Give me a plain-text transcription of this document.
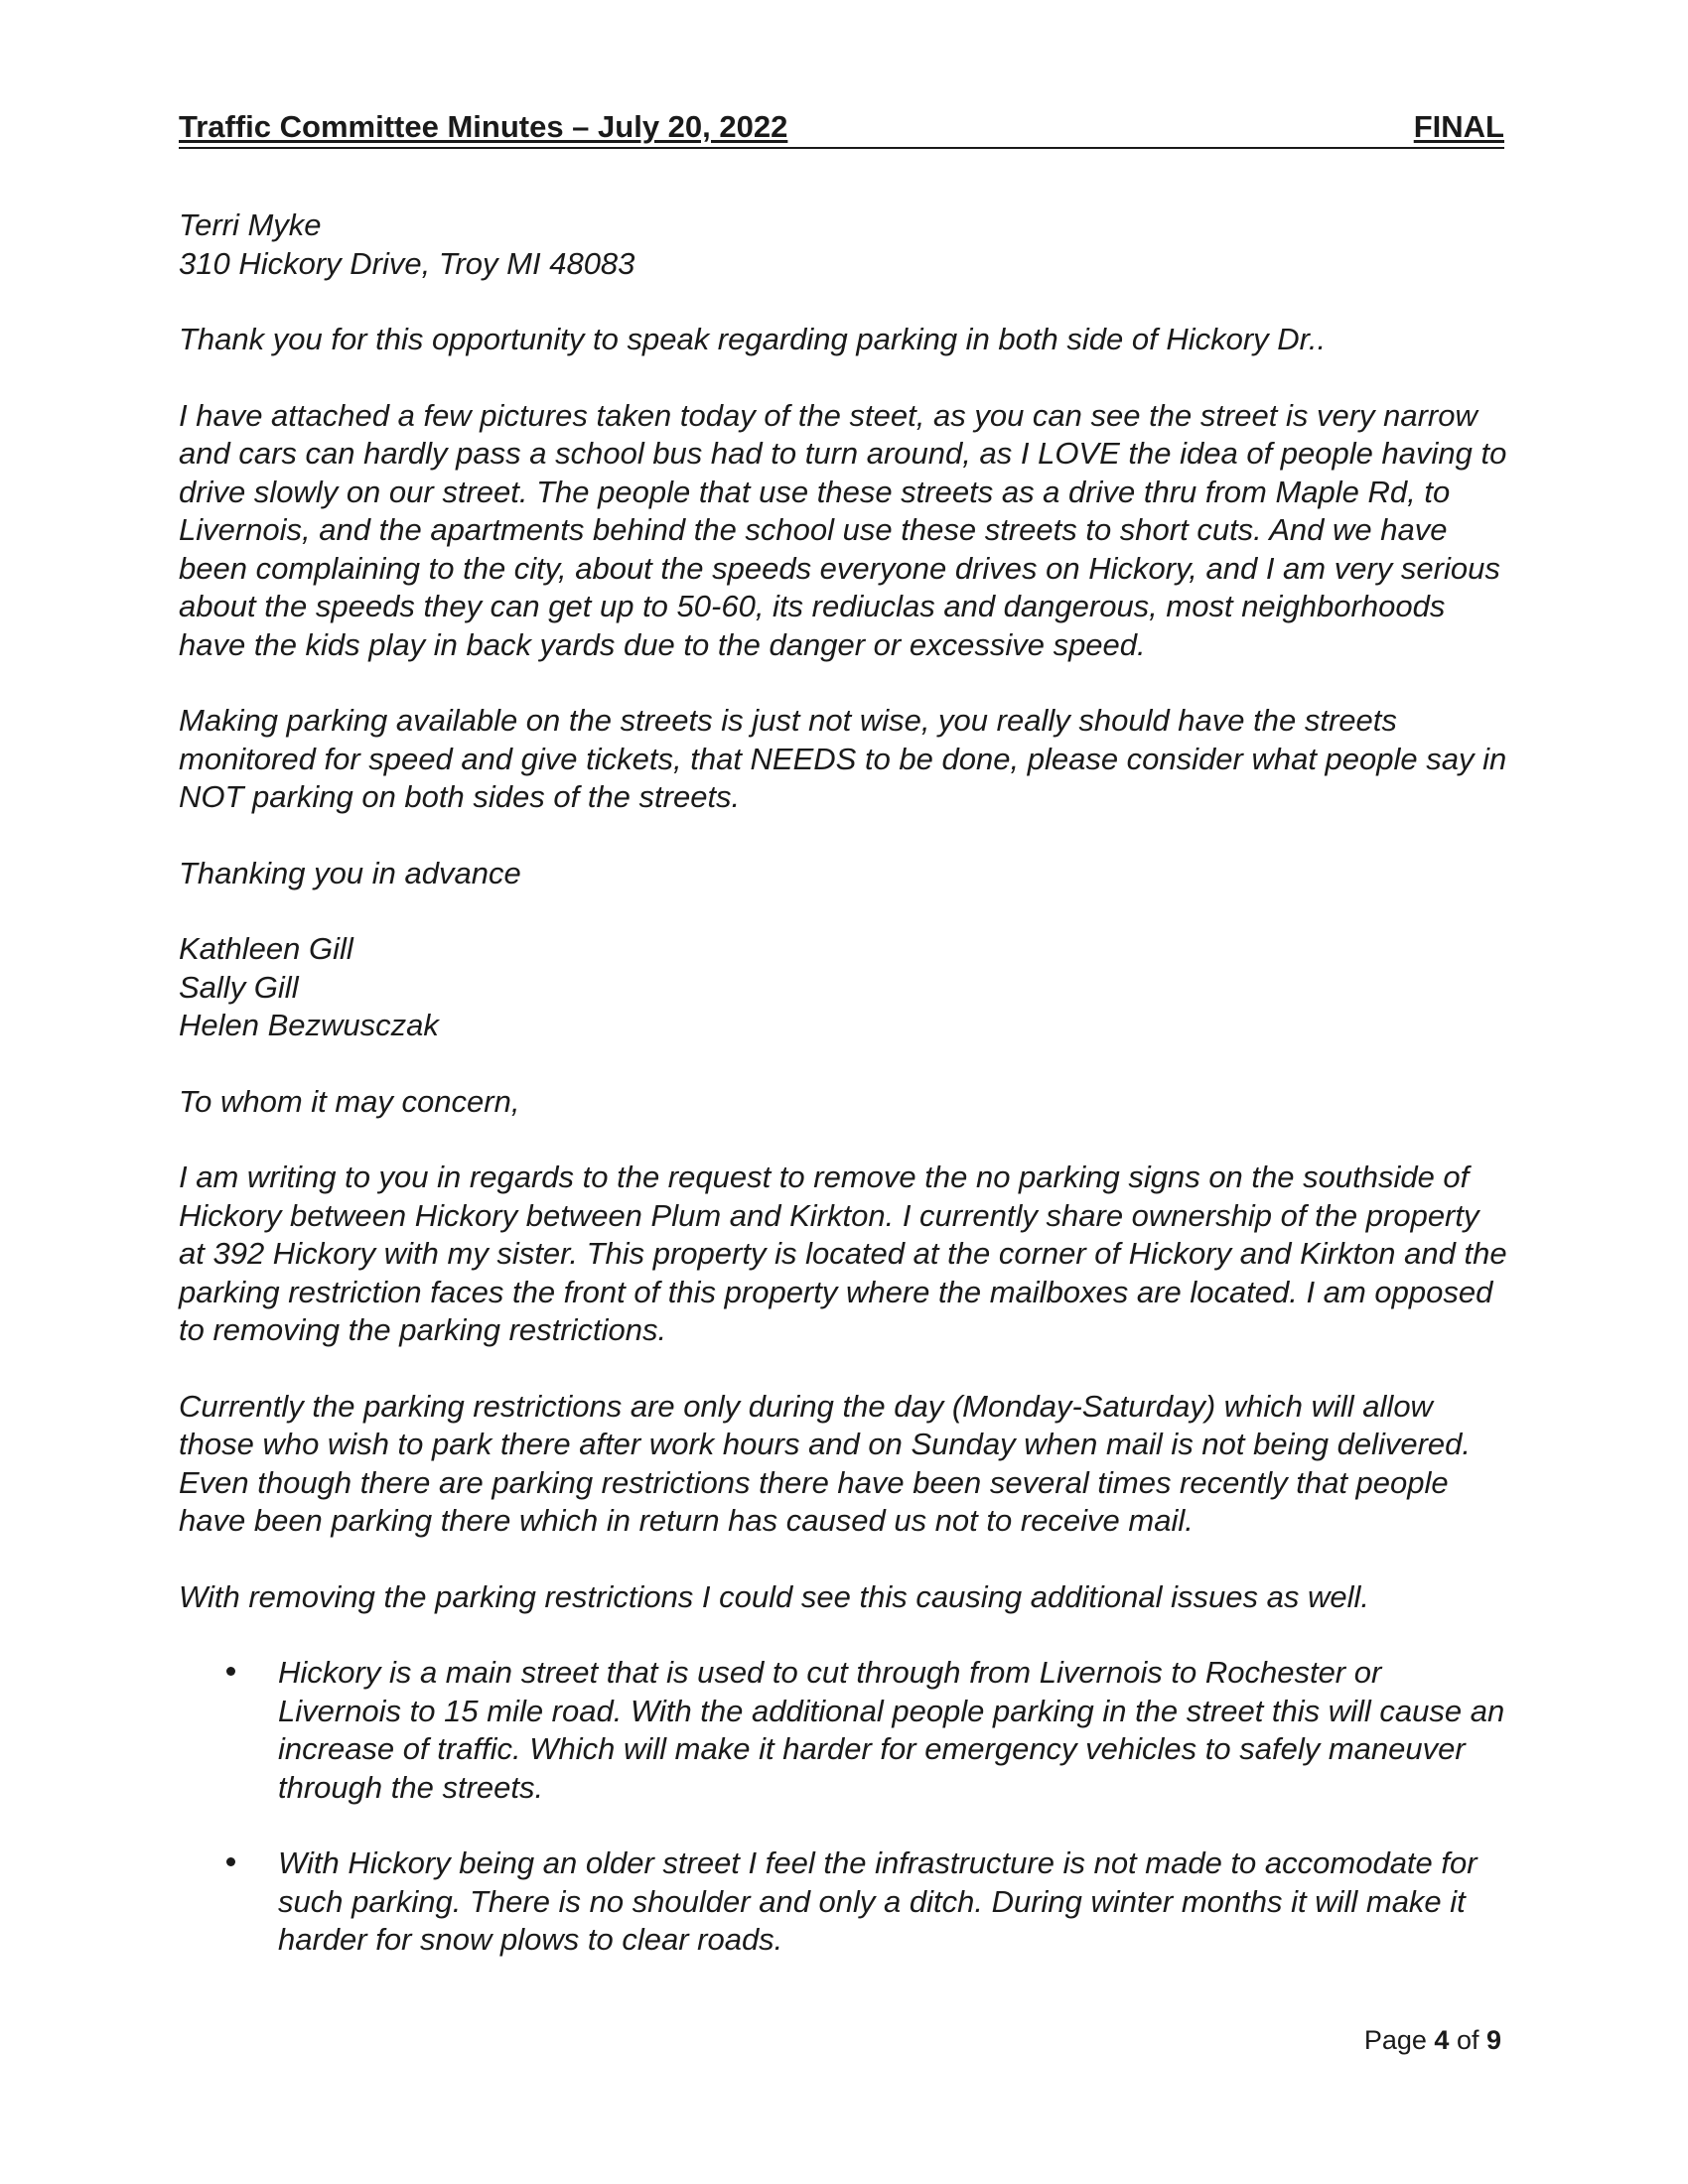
Traffic Committee Minutes – July 20, 2022	FINAL

Terri Myke

310 Hickory Drive, Troy MI 48083

Thank you for this opportunity to speak regarding parking in both side of Hickory Dr..

I have attached a few pictures taken today of the steet, as you can see the street is very narrow and cars can hardly pass a school bus had to turn around, as I LOVE the idea of people having to drive slowly on our street. The people that use these streets as a drive thru from Maple Rd, to Livernois, and the apartments behind the school use these streets to short cuts. And we have been complaining to the city, about the speeds everyone drives on Hickory, and I am very serious about the speeds they can get up to 50-60, its rediuclas and dangerous, most neighborhoods have the kids play in back yards due to the danger or excessive speed.

Making parking available on the streets is just not wise, you really should have the streets monitored for speed and give tickets, that NEEDS to be done, please consider what people say in NOT parking on both sides of the streets.

Thanking you in advance

Kathleen Gill

Sally Gill

Helen Bezwusczak

To whom it may concern,

I am writing to you in regards to the request to remove the no parking signs on the southside of Hickory between Hickory between Plum and Kirkton. I currently share ownership of the property at 392 Hickory with my sister. This property is located at the corner of Hickory and Kirkton and the parking restriction faces the front of this property where the mailboxes are located. I am opposed to removing the parking restrictions.

Currently the parking restrictions are only during the day (Monday-Saturday) which will allow those who wish to park there after work hours and on Sunday when mail is not being delivered. Even though there are parking restrictions there have been several times recently that people have been parking there which in return has caused us not to receive mail.

With removing the parking restrictions I could see this causing additional issues as well.

Hickory is a main street that is used to cut through from Livernois to Rochester or Livernois to 15 mile road. With the additional people parking in the street this will cause an increase of traffic. Which will make it harder for emergency vehicles to safely maneuver through the streets.
With Hickory being an older street I feel the infrastructure is not made to accomodate for such parking. There is no shoulder and only a ditch. During winter months it will make it harder for snow plows to clear roads.
Page 4 of 9
